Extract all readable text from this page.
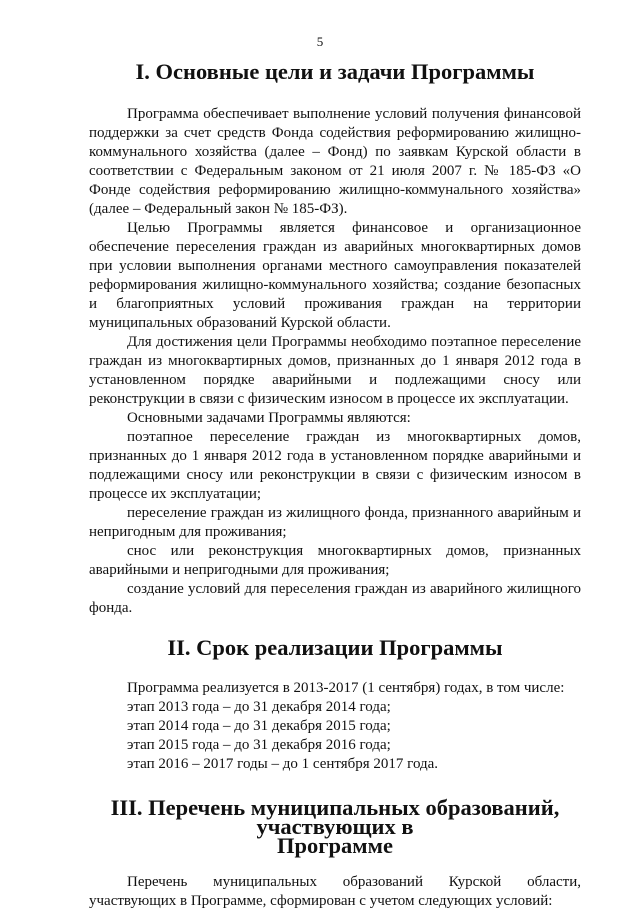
5
I. Основные цели и задачи Программы

Программа обеспечивает выполнение условий получения финансовой поддержки за счет средств Фонда содействия реформированию жилищно-коммунального хозяйства (далее – Фонд) по заявкам Курской области в соответствии с Федеральным законом от 21 июля 2007 г. № 185-ФЗ «О Фонде содействия реформированию жилищно-коммунального хозяйства» (далее – Федеральный закон № 185-ФЗ).

Целью Программы является финансовое и организационное обеспечение переселения граждан из аварийных многоквартирных домов при условии выполнения органами местного самоуправления показателей реформирования жилищно-коммунального хозяйства; создание безопасных и благоприятных условий проживания граждан на территории муниципальных образований Курской области.

Для достижения цели Программы необходимо поэтапное переселение граждан из многоквартирных домов, признанных до 1 января 2012 года в установленном порядке аварийными и подлежащими сносу или реконструкции в связи с физическим износом в процессе их эксплуатации.

Основными задачами Программы являются:

поэтапное переселение граждан из многоквартирных домов, признанных до 1 января 2012 года в установленном порядке аварийными и подлежащими сносу или реконструкции в связи с физическим износом в процессе их эксплуатации;

переселение граждан из жилищного фонда, признанного аварийным и непригодным для проживания;

снос или реконструкция многоквартирных домов, признанных аварийными и непригодными для проживания;

создание условий для переселения граждан из аварийного жилищного фонда.

II. Срок реализации Программы

Программа реализуется в 2013-2017 (1 сентября) годах, в том числе:

этап 2013 года – до 31 декабря 2014 года;

этап 2014 года – до 31 декабря 2015 года;

этап 2015 года – до 31 декабря 2016 года;

этап 2016 – 2017 годы – до 1 сентября 2017 года.

III. Перечень муниципальных образований, участвующих в
Программе

Перечень муниципальных образований Курской области, участвующих в Программе, сформирован с учетом следующих условий:
